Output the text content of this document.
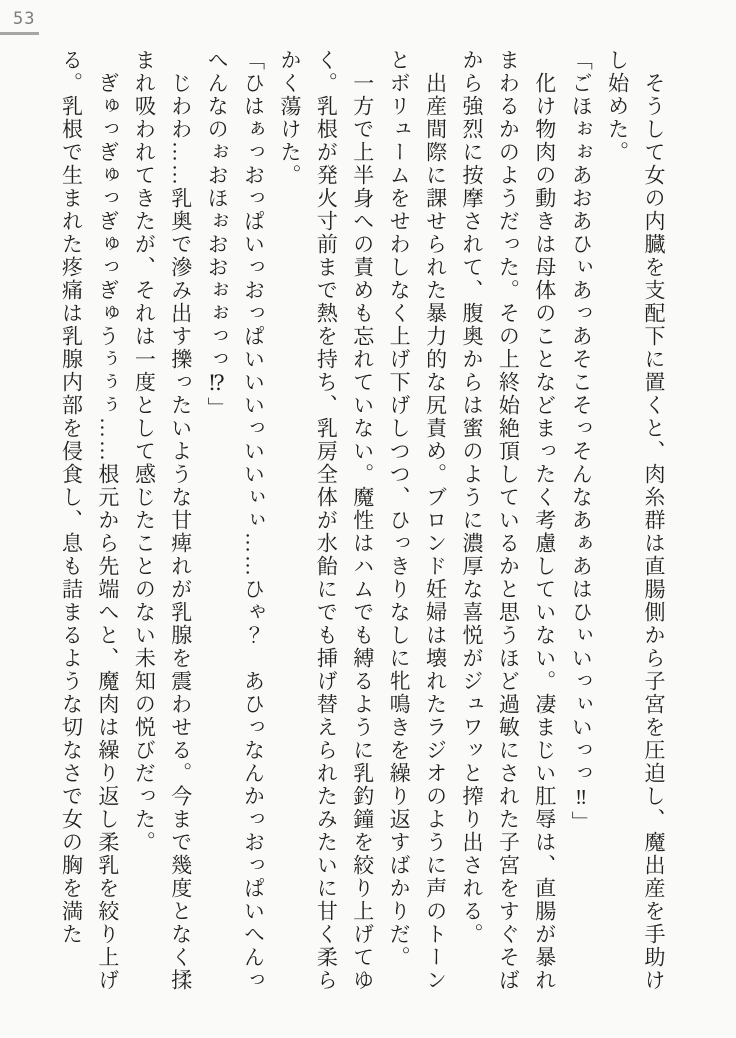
53

そうして女の内臓を支配下に置くと、肉糸群は直腸側から子宮を圧迫し、魔出産を手助けし始めた。

「ごほぉぉあおあひぃあっあそこそっそんなあぁあはひぃいっぃいっっ‼」

化け物肉の動きは母体のことなどまったく考慮していない。凄まじい肛辱は、直腸が暴れまわるかのようだった。その上終始絶頂しているかと思うほど過敏にされた子宮をすぐそばから強烈に按摩されて、腹奥からは蜜のように濃厚な喜悦がジュワッと搾り出される。

出産間際に課せられた暴力的な尻責め。ブロンド妊婦は壊れたラジオのように声のトーンとボリュームをせわしなく上げ下げしつつ、ひっきりなしに牝鳴きを繰り返すばかりだ。

一方で上半身への責めも忘れていない。魔性はハムでも縛るように乳釣鐘を絞り上げてゆく。乳根が発火寸前まで熱を持ち、乳房全体が水飴にでも挿げ替えられたみたいに甘く柔らかく蕩けた。

「ひはぁっおっぱいっおっぱいいいっいいぃぃ……ひゃ？　あひっなんかっおっぱいへんっへんなのぉおほぉおおぉぉっっ⁉」

じわわ……乳奥で滲み出す擽ったいような甘痺れが乳腺を震わせる。今まで幾度となく揉まれ吸われてきたが、それは一度として感じたことのない未知の悦びだった。

ぎゅっぎゅっぎゅっぎゅうぅぅぅ……根元から先端へと、魔肉は繰り返し柔乳を絞り上げる。乳根で生まれた疼痛は乳腺内部を侵食し、息も詰まるような切なさで女の胸を満た
